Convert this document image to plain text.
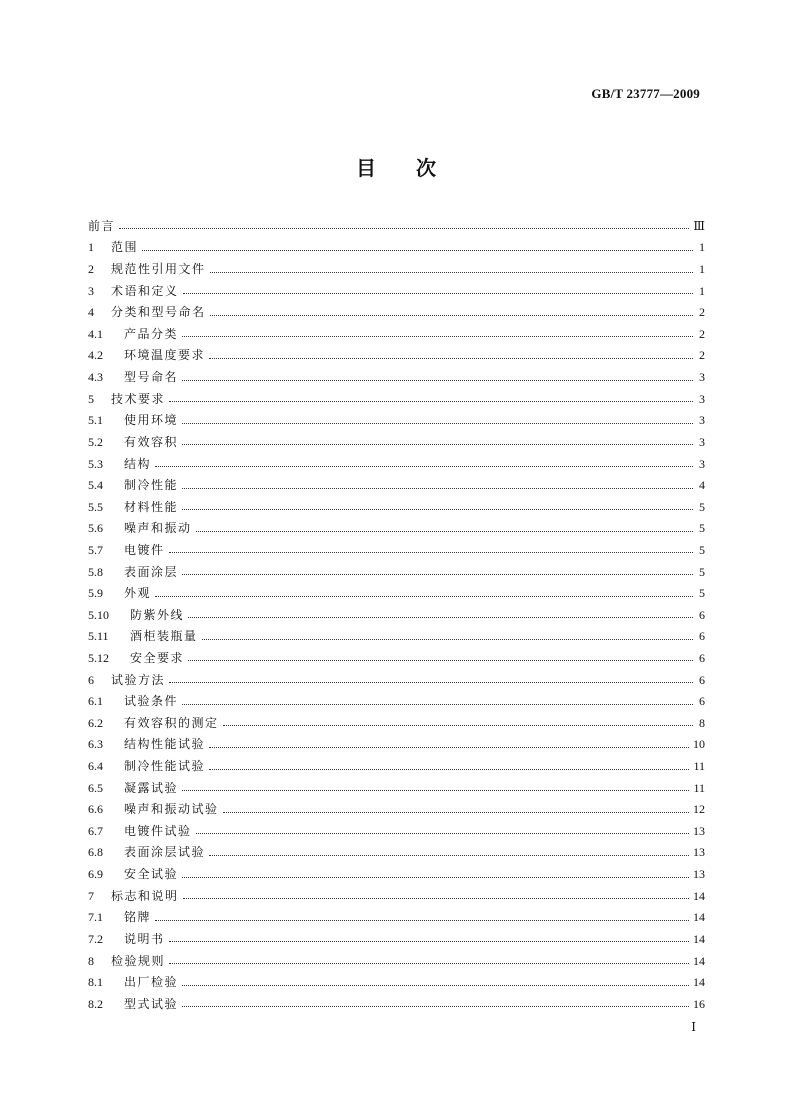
GB/T 23777—2009
目　　次
前言	Ⅲ
1	范围	1
2	规范性引用文件	1
3	术语和定义	1
4	分类和型号命名	2
4.1	产品分类	2
4.2	环境温度要求	2
4.3	型号命名	3
5	技术要求	3
5.1	使用环境	3
5.2	有效容积	3
5.3	结构	3
5.4	制冷性能	4
5.5	材料性能	5
5.6	噪声和振动	5
5.7	电镀件	5
5.8	表面涂层	5
5.9	外观	5
5.10	防紫外线	6
5.11	酒柜装瓶量	6
5.12	安全要求	6
6	试验方法	6
6.1	试验条件	6
6.2	有效容积的测定	8
6.3	结构性能试验	10
6.4	制冷性能试验	11
6.5	凝露试验	11
6.6	噪声和振动试验	12
6.7	电镀件试验	13
6.8	表面涂层试验	13
6.9	安全试验	13
7	标志和说明	14
7.1	铭牌	14
7.2	说明书	14
8	检验规则	14
8.1	出厂检验	14
8.2	型式试验	16
Ⅰ
